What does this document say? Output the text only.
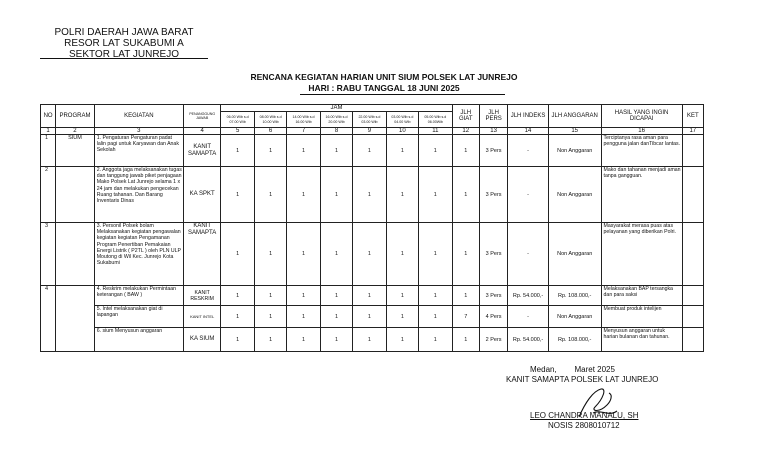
POLRI DAERAH JAWA BARAT
RESOR LAT SUKABUMI A
SEKTOR LAT JUNREJO
RENCANA KEGIATAN HARIAN UNIT SIUM POLSEK LAT JUNREJO
HARI : RABU TANGGAL 18 JUNI 2025
NO	PROGRAM	KEGIATAN	PENANGGUNG JAWAB	JAM							JLH GIAT	JLH PERS	JLH INDEKS	JLH ANGGARAN	HASIL YANG INGIN DICAPAI	KET
				06.00 Wib s.d 07.00 Wib	08.00 Wib s.d 10.00 Wib	14.00 Wib s.d 16.00 Wib	16.00 Wib s.d 20.00 Wib	22.00 Wib s.d 03.00 Wib	03.00 Wib s.d 04.00 Wib	05.00 Wib s.d 06.00Wib						
1	2	3	4	5	6	7	8	9	10	11	12	13	14	15	16	17
1	SIUM	1. Pengaturan Pengaturan padat lalin pagi untuk Karyawan dan Anak Sekolah	KANIT SAMAPTA	1	1	1	1	1	1	1	1	3 Pers	-	Non Anggaran	Terciptanya rasa aman para pengguna jalan danTibcar lantas.	
2		2. Anggota jaga melaksanakan tugas dan tanggung jawab piket penjagaan Mako Polsek Lat Junrejo selama 1 x 24 jam dan melakukan pengecekan Ruang tahanan. Dan Barang Inventaris Dinas	KA SPKT	1	1	1	1	1	1	1	1	3 Pers	-	Non Anggaran	Mako dan tahanan menjadi aman tanpa gangguan.	
3		3. Personil Polsek bolam Melaksanakan kegiatan pengawalan kegiatan kegiatan Pengamanan Program Penertiban Pemakaian Energi Listrik ( P2TL ) oleh PLN ULP Moutong di Wil Kec. Junrejo Kota Sukabumi	KANIT SAMAPTA	1	1	1	1	1	1	1	1	3 Pers	-	Non Anggaran	Masyarakat merasa puas atas pelayanan yang diberikan Polri.	
4		4. Reskrim melakukan Permintaan keterangan ( BAW )	KANIT RESKRIM	1	1	1	1	1	1	1	1	3 Pers	Rp. 54.000,-	Rp. 108.000,-	Melaksanakan BAP tersangka dan para saksi	
		5. Intel melaksanakan giat di lapangan	KANIT INTEL	1	1	1	1	1	1	1	7	4 Pers	-	Non Anggaran	Membuat produk intelijen	
		6. sium Menyusun anggaran	KA SIUM	1	1	1	1	1	1	1	1	2 Pers	Rp. 54.000,-	Rp. 108.000,-	Menyusun anggaran untuk harian bulanan dan tahunan.	
Medan,        Maret 2025
KANIT SAMAPTA POLSEK LAT JUNREJO
LEO CHANDRA MANALU, SH
NOSIS 2808010712
